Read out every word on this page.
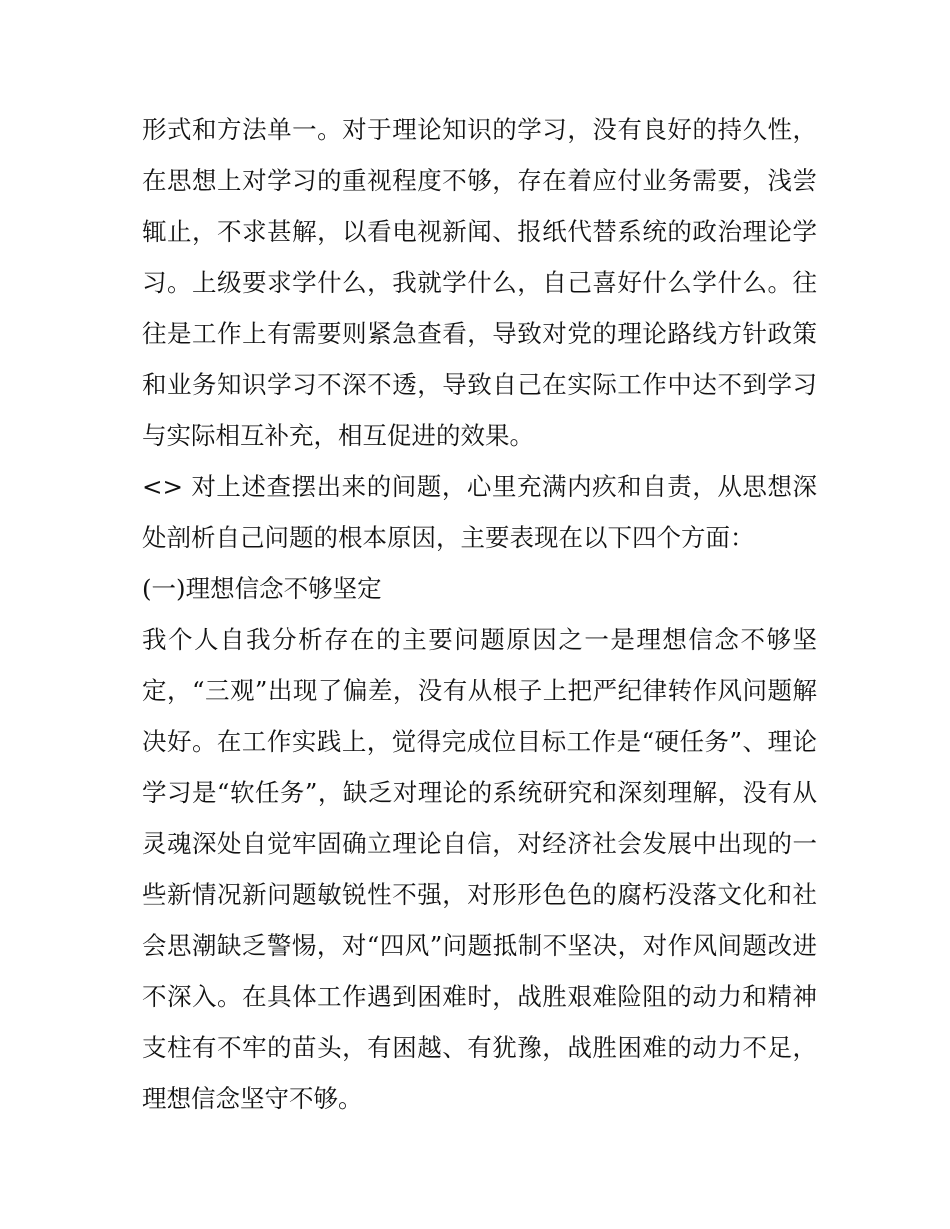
形式和方法单一。对于理论知识的学习，没有良好的持久性，
在思想上对学习的重视程度不够，存在着应付业务需要，浅尝
辄止，不求甚解，以看电视新闻、报纸代替系统的政治理论学
习。上级要求学什么，我就学什么，自己喜好什么学什么。往
往是工作上有需要则紧急查看，导致对党的理论路线方针政策
和业务知识学习不深不透，导致自己在实际工作中达不到学习
与实际相互补充，相互促进的效果。
<> 对上述查摆出来的间题，心里充满内疚和自责，从思想深
处剖析自己问题的根本原因，主要表现在以下四个方面：
(一)理想信念不够坚定
我个人自我分析存在的主要问题原因之一是理想信念不够坚
定，“三观”出现了偏差，没有从根子上把严纪律转作风问题解
决好。在工作实践上，觉得完成位目标工作是“硬任务”、理论
学习是“软任务”，缺乏对理论的系统研究和深刻理解，没有从
灵魂深处自觉牢固确立理论自信，对经济社会发展中出现的一
些新情况新问题敏锐性不强，对形形色色的腐朽没落文化和社
会思潮缺乏警惕，对“四风”问题抵制不坚决，对作风间题改进
不深入。在具体工作遇到困难时，战胜艰难险阻的动力和精神
支柱有不牢的苗头，有困越、有犹豫，战胜困难的动力不足，
理想信念坚守不够。
